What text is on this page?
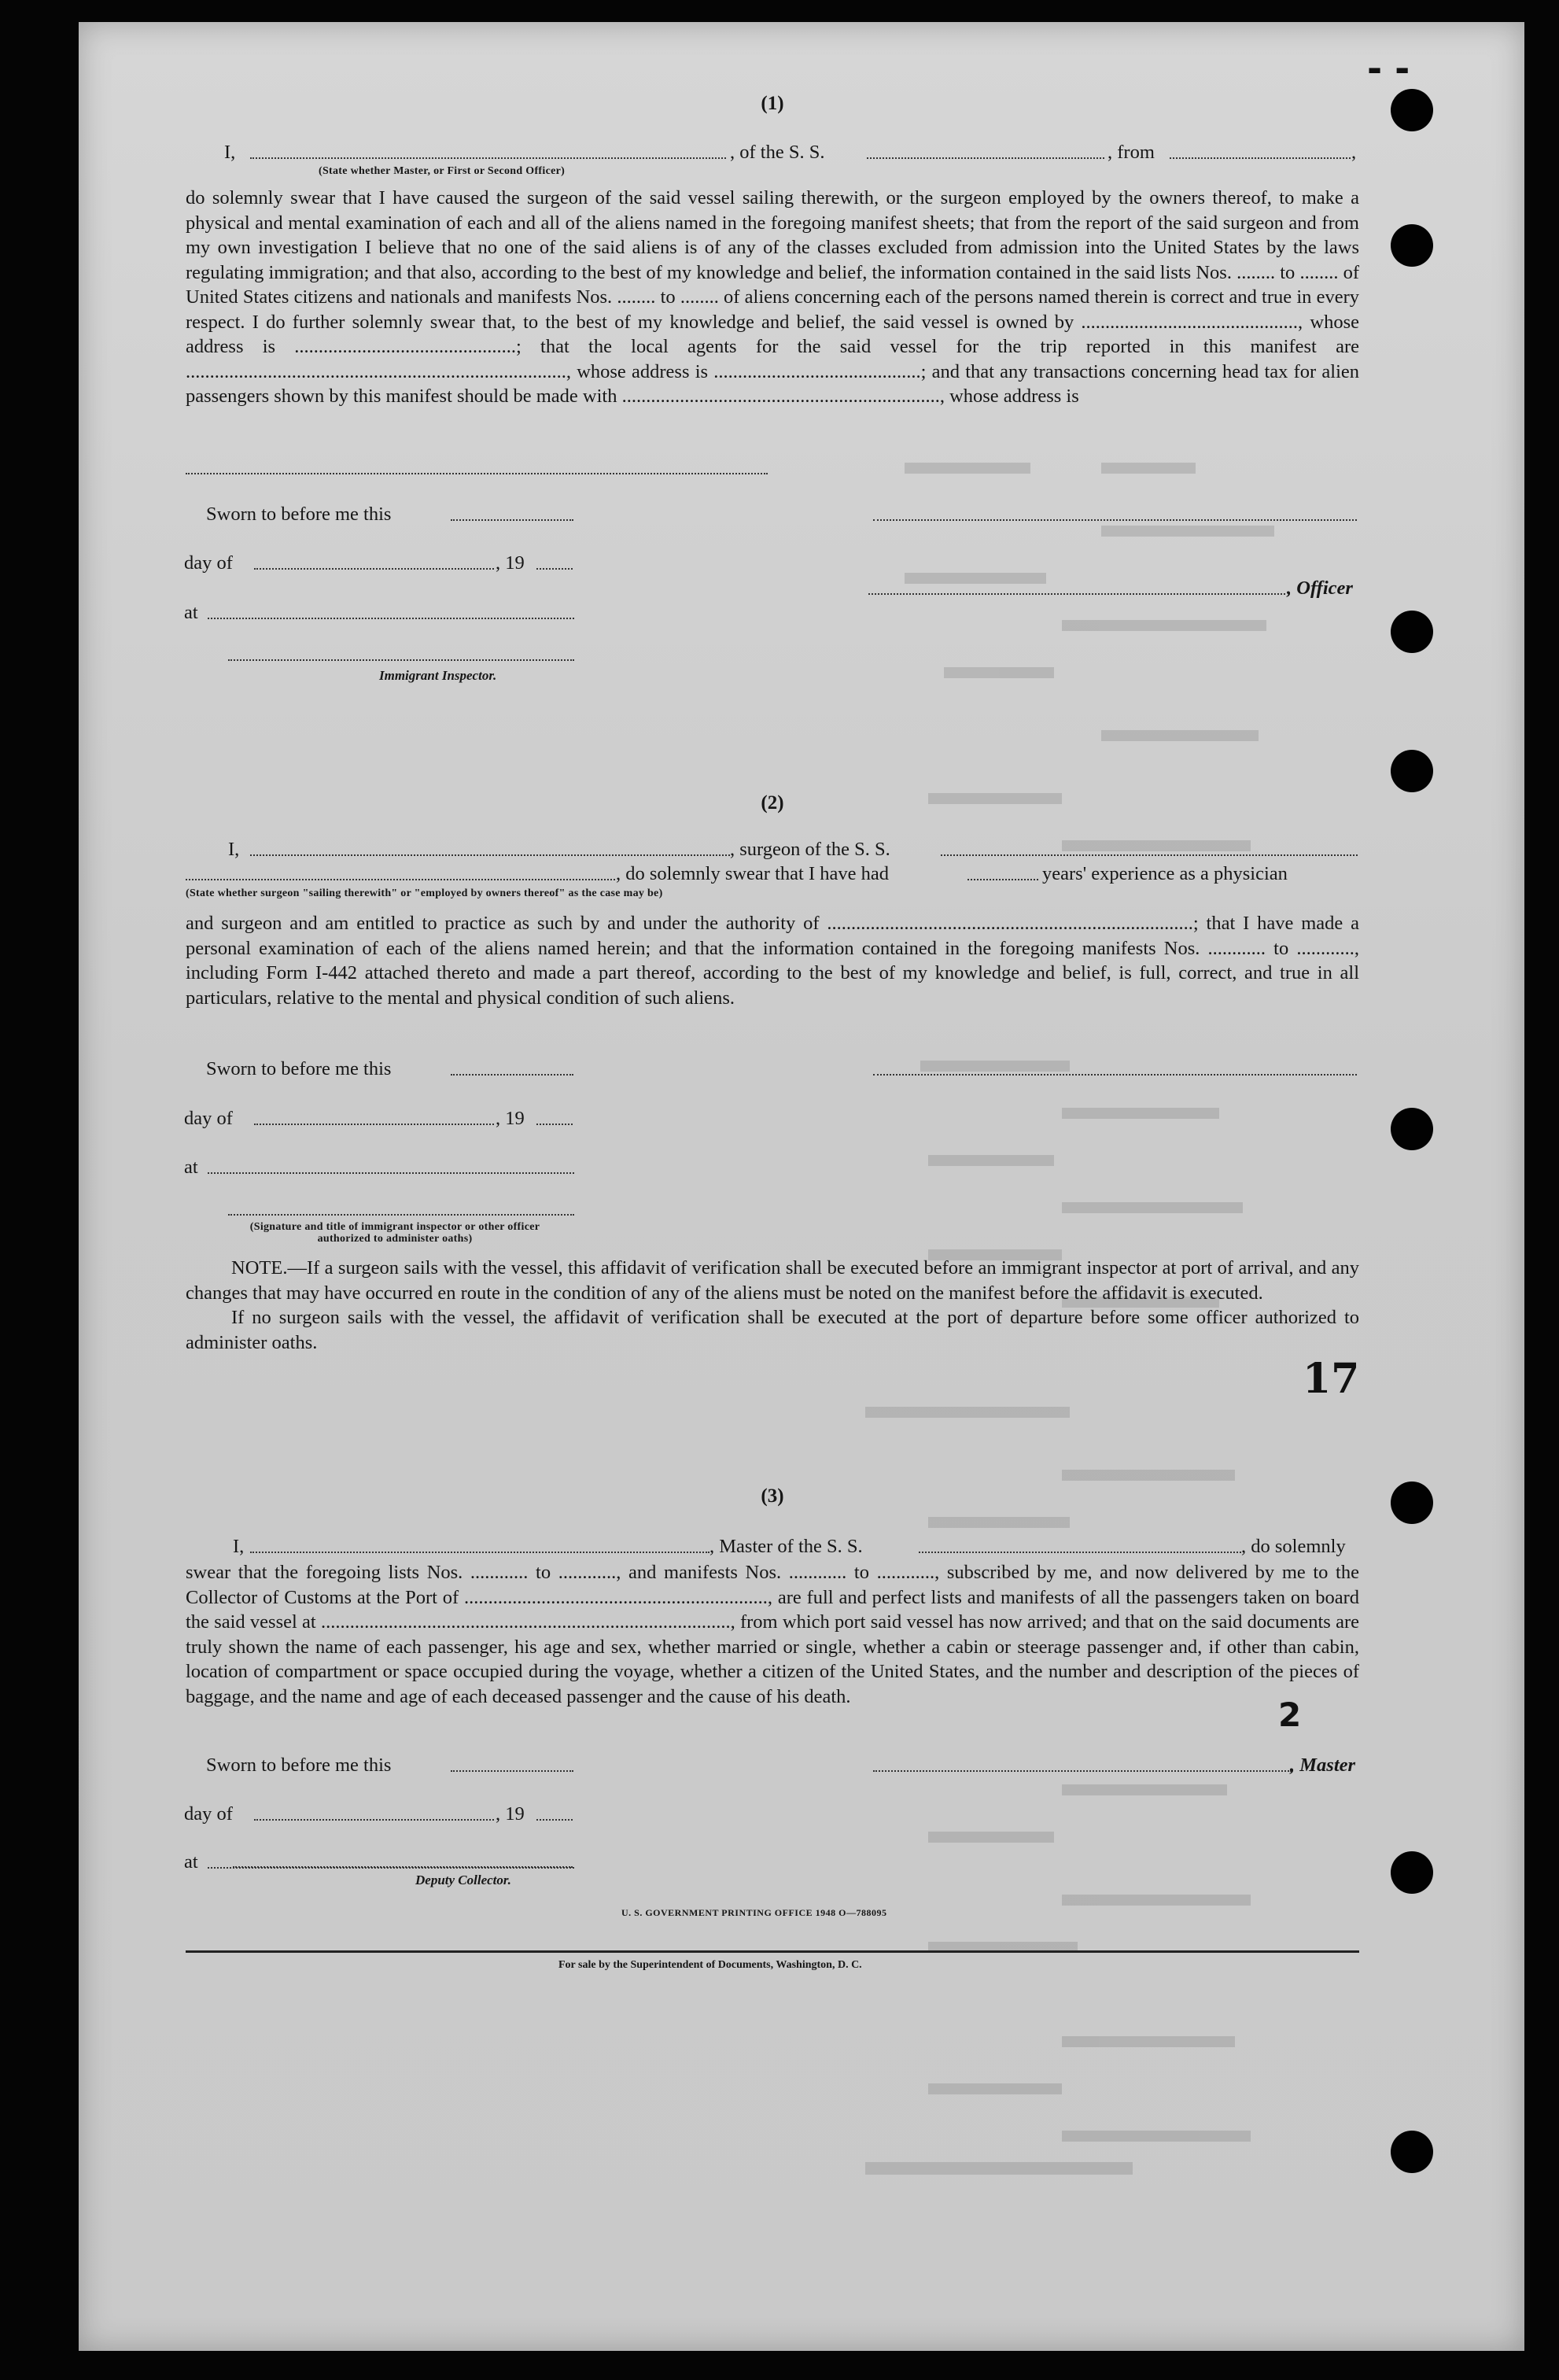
(1)
I,	, of the S. S.	, from	,
(State whether Master, or First or Second Officer)

do solemnly swear that I have caused the surgeon of the said vessel sailing therewith, or the surgeon employed by the owners thereof, to make a physical and mental examination of each and all of the aliens named in the foregoing manifest sheets; that from the report of the said surgeon and from my own investigation I believe that no one of the said aliens is of any of the classes excluded from admission into the United States by the laws regulating immigration; and that also, according to the best of my knowledge and belief, the information contained in the said lists Nos. ........ to ........ of United States citizens and nationals and manifests Nos. ........ to ........ of aliens concerning each of the persons named therein is correct and true in every respect. I do further solemnly swear that, to the best of my knowledge and belief, the said vessel is owned by ............................................., whose address is ..............................................; that the local agents for the said vessel for the trip reported in this manifest are ..............................................................................., whose address is ...........................................; and that any transactions concerning head tax for alien passengers shown by this manifest should be made with .................................................................., whose address is

Sworn to before me this
day of	, 19
, Officer
at
Immigrant Inspector.
(2)
I,	, surgeon of the S. S.
, do solemnly swear that I have had	years' experience as a physician
(State whether surgeon "sailing therewith" or "employed by owners thereof" as the case may be)

and surgeon and am entitled to practice as such by and under the authority of ............................................................................; that I have made a personal examination of each of the aliens named herein; and that the information contained in the foregoing manifests Nos. ............ to ............, including Form I-442 attached thereto and made a part thereof, according to the best of my knowledge and belief, is full, correct, and true in all particulars, relative to the mental and physical condition of such aliens.

Sworn to before me this
day of	, 19
at
(Signature and title of immigrant inspector or other officer authorized to administer oaths)

NOTE.—If a surgeon sails with the vessel, this affidavit of verification shall be executed before an immigrant inspector at port of arrival, and any changes that may have occurred en route in the condition of any of the aliens must be noted on the manifest before the affidavit is executed.

If no surgeon sails with the vessel, the affidavit of verification shall be executed at the port of departure before some officer authorized to administer oaths.

(3)
I,	, Master of the S. S.	, do solemnly

swear that the foregoing lists Nos. ............ to ............, and manifests Nos. ............ to ............, subscribed by me, and now delivered by me to the Collector of Customs at the Port of ..............................................................., are full and perfect lists and manifests of all the passengers taken on board the said vessel at ....................................................................................., from which port said vessel has now arrived; and that on the said documents are truly shown the name of each passenger, his age and sex, whether married or single, whether a cabin or steerage passenger and, if other than cabin, location of compartment or space occupied during the voyage, whether a citizen of the United States, and the number and description of the pieces of baggage, and the name and age of each deceased passenger and the cause of his death.

Sworn to before me this	, Master
day of	, 19
at
Deputy Collector.
U. S. GOVERNMENT PRINTING OFFICE 1948 O—788095
For sale by the Superintendent of Documents, Washington, D. C.
- -
2
17
